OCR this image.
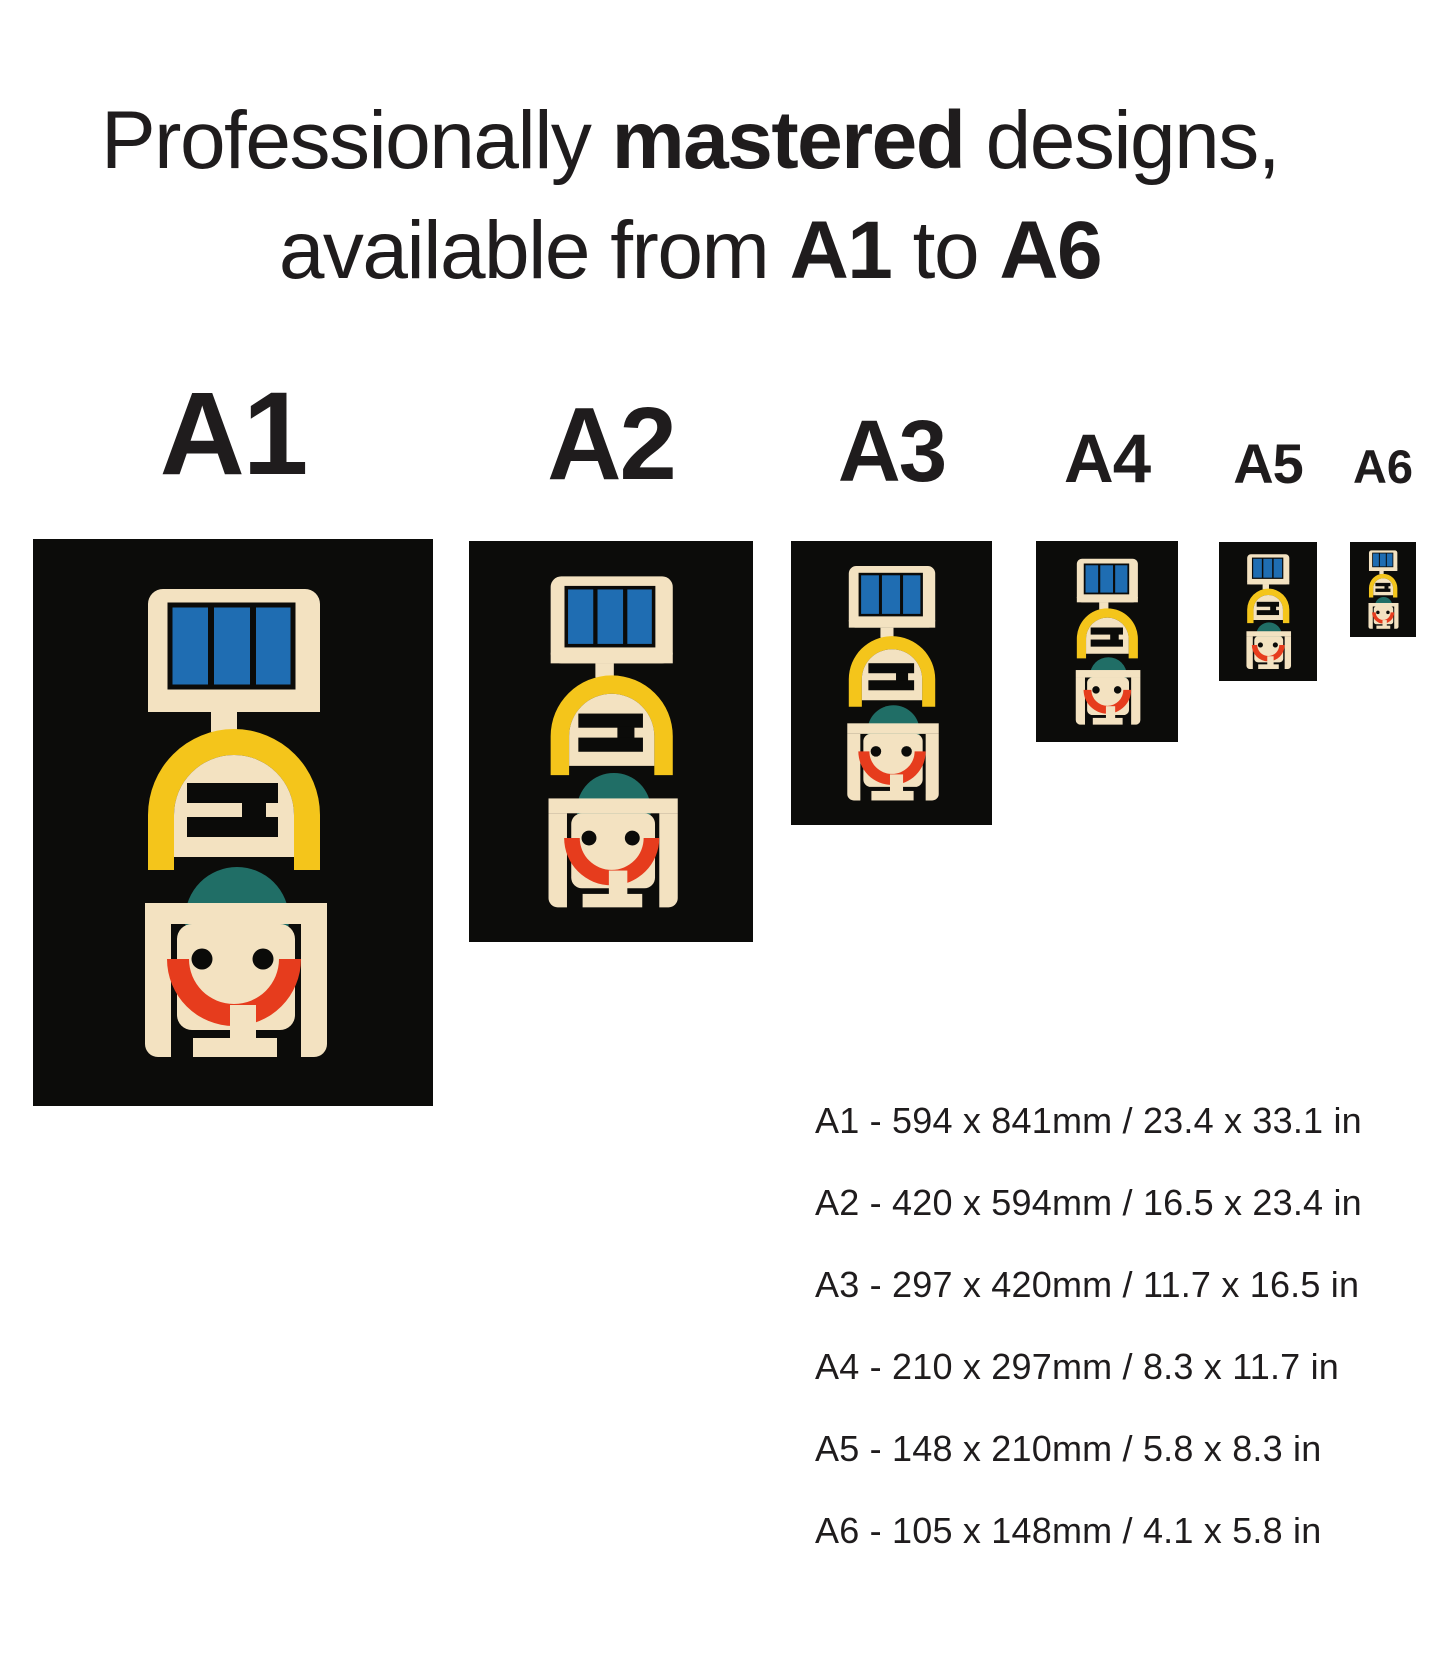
Professionally mastered designs,
available from A1 to A6
A1 A2 A3 A4 A5 A6
A1 - 594 x 841mm / 23.4 x 33.1 in
A2 - 420 x 594mm / 16.5 x 23.4 in
A3 - 297 x 420mm / 11.7 x 16.5 in
A4 - 210 x 297mm / 8.3 x 11.7 in
A5 - 148 x 210mm / 5.8 x 8.3 in
A6 - 105 x 148mm / 4.1 x 5.8 in
